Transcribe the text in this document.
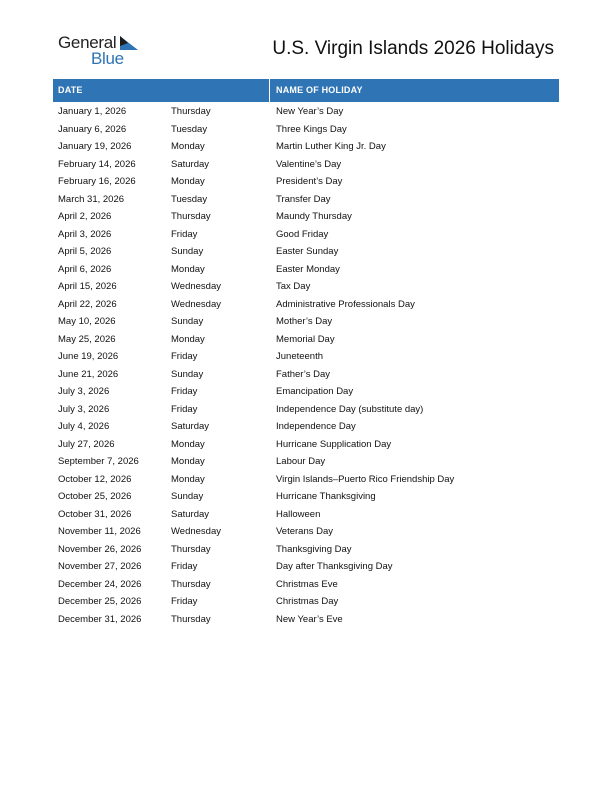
General
Blue	U.S. Virgin Islands 2026 Holidays
DATE	NAME OF HOLIDAY
January 1, 2026	Thursday	New Year’s Day
January 6, 2026	Tuesday	Three Kings Day
January 19, 2026	Monday	Martin Luther King Jr. Day
February 14, 2026	Saturday	Valentine’s Day
February 16, 2026	Monday	President’s Day
March 31, 2026	Tuesday	Transfer Day
April 2, 2026	Thursday	Maundy Thursday
April 3, 2026	Friday	Good Friday
April 5, 2026	Sunday	Easter Sunday
April 6, 2026	Monday	Easter Monday
April 15, 2026	Wednesday	Tax Day
April 22, 2026	Wednesday	Administrative Professionals Day
May 10, 2026	Sunday	Mother’s Day
May 25, 2026	Monday	Memorial Day
June 19, 2026	Friday	Juneteenth
June 21, 2026	Sunday	Father’s Day
July 3, 2026	Friday	Emancipation Day
July 3, 2026	Friday	Independence Day (substitute day)
July 4, 2026	Saturday	Independence Day
July 27, 2026	Monday	Hurricane Supplication Day
September 7, 2026	Monday	Labour Day
October 12, 2026	Monday	Virgin Islands–Puerto Rico Friendship Day
October 25, 2026	Sunday	Hurricane Thanksgiving
October 31, 2026	Saturday	Halloween
November 11, 2026	Wednesday	Veterans Day
November 26, 2026	Thursday	Thanksgiving Day
November 27, 2026	Friday	Day after Thanksgiving Day
December 24, 2026	Thursday	Christmas Eve
December 25, 2026	Friday	Christmas Day
December 31, 2026	Thursday	New Year’s Eve
